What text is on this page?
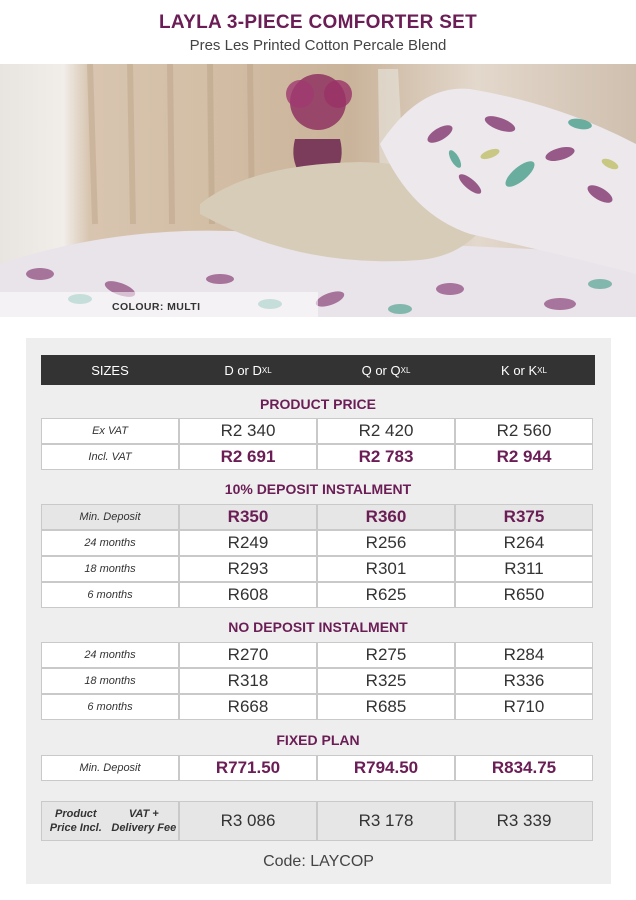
LAYLA 3-PIECE COMFORTER SET
Pres Les Printed Cotton Percale Blend
COLOUR: MULTI
SIZES	D or D XL	Q or Q XL	K or K XL
PRODUCT PRICE
Ex VAT	R2 340	R2 420	R2 560
Incl. VAT	R2 691	R2 783	R2 944
10% DEPOSIT INSTALMENT
Min. Deposit	R350	R360	R375
24 months	R249	R256	R264
18 months	R293	R301	R311
6 months	R608	R625	R650
NO DEPOSIT INSTALMENT
24 months	R270	R275	R284
18 months	R318	R325	R336
6 months	R668	R685	R710
FIXED PLAN
Min. Deposit	R771.50	R794.50	R834.75
Product Price Incl.

VAT + Delivery Fee	R3 086	R3 178	R3 339
Code: LAYCOP
